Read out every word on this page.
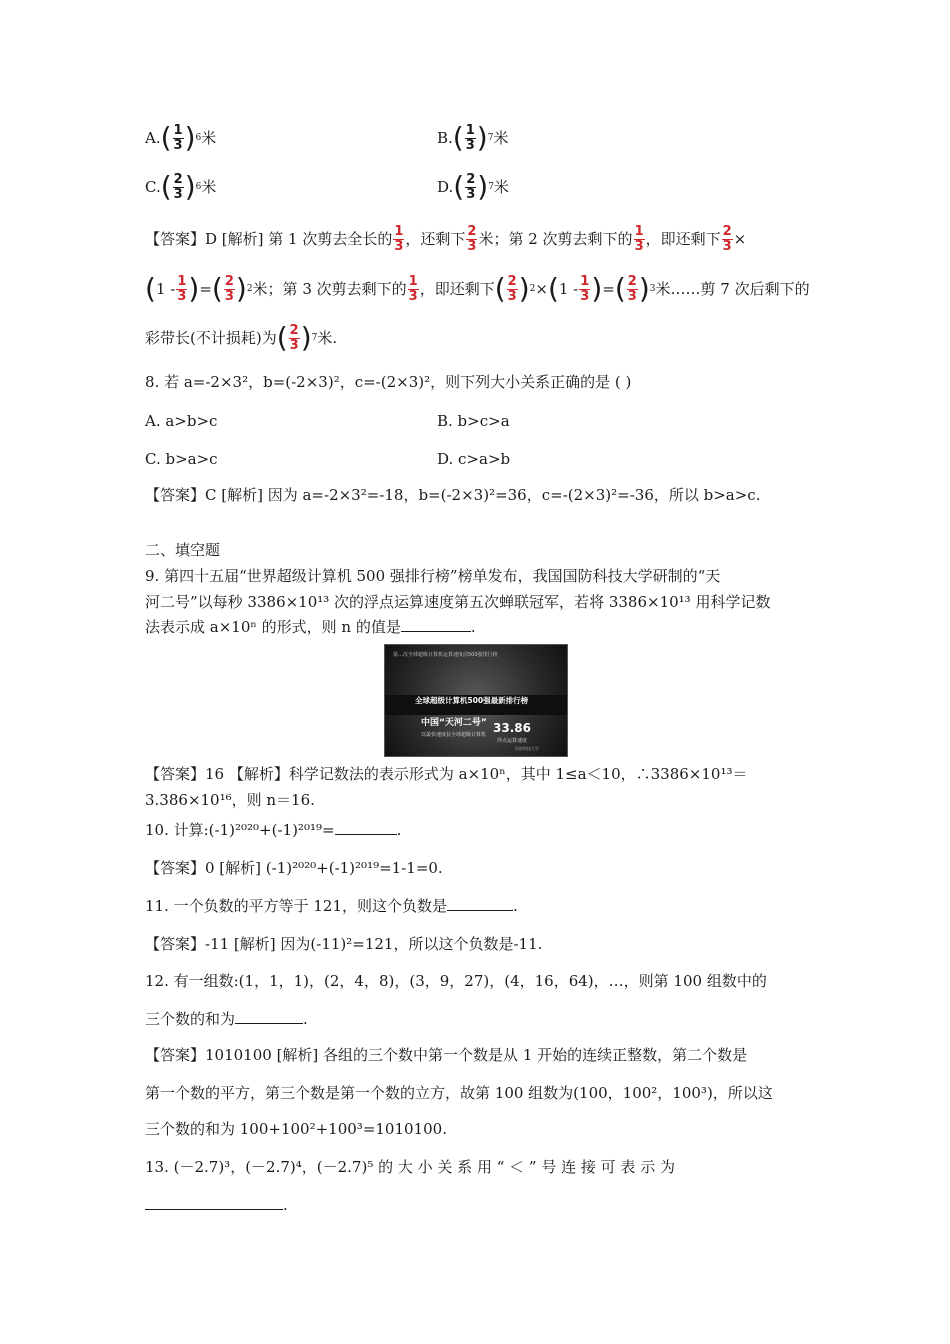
A. ( $\frac{1}{3}$ ) 6 米	B. ( $\frac{1}{3}$ ) 7 米
C. ( $\frac{2}{3}$ ) 6 米	D. ( $\frac{2}{3}$ ) 7 米
【答案】D [解析] 第 1 次剪去全长的 $\frac{1}{3}$ ，还剩下 $\frac{2}{3}$ 米；第 2 次剪去剩下的 $\frac{1}{3}$ ，即还剩下 $\frac{2}{3}$ ×
( $1 - \frac{1}{3}$ ) = ( $\frac{2}{3}$ ) 2 米；第 3 次剪去剩下的 $\frac{1}{3}$ ，即还剩下 ( $\frac{2}{3}$ ) 2 × ( $1 - \frac{1}{3}$ ) = ( $\frac{2}{3}$ ) 3 米……剪 7 次后剩下的
彩带长(不计损耗)为 ( $\frac{2}{3}$ ) 7 米.
8. 若 a=-2×3²，b=(-2×3)²，c=-(2×3)²，则下列大小关系正确的是 ( )
A. a>b>c	B. b>c>a
C. b>a>c	D. c>a>b
【答案】C [解析] 因为 a=-2×3²=-18，b=(-2×3)²=36，c=-(2×3)²=-36，所以 b>a>c.
二、填空题
9. 第四十五届“世界超级计算机 500 强排行榜”榜单发布，我国国防科技大学研制的“天
河二号”以每秒 3386×10¹³ 次的浮点运算速度第五次蝉联冠军，若将 3386×10¹³ 用科学记数
法表示成 a×10ⁿ 的形式，则 n 的值是	.
第…次全球超级计算机运算速度前500强排行榜
全球超级计算机500强最新排行榜
中国“天河二号”
以最快速度获全球超级计算机 33.86
浮点运算速度
国防科技大学
【答案】16 【解析】科学记数法的表示形式为 a×10ⁿ，其中 1≤a＜10，∴3386×10¹³＝
3.386×10¹⁶，则 n＝16.
10. 计算:(-1)²⁰²⁰+(-1)²⁰¹⁹=	.
【答案】0 [解析] (-1)²⁰²⁰+(-1)²⁰¹⁹=1-1=0.
11. 一个负数的平方等于 121，则这个负数是	.
【答案】-11 [解析] 因为(-11)²=121，所以这个负数是-11.
12. 有一组数:(1，1，1)，(2，4，8)，(3，9，27)，(4，16，64)，…，则第 100 组数中的
三个数的和为	.
【答案】1010100 [解析] 各组的三个数中第一个数是从 1 开始的连续正整数，第二个数是
第一个数的平方，第三个数是第一个数的立方，故第 100 组数为(100，100²，100³)，所以这
三个数的和为 100+100²+100³=1010100.
13. (－2.7)³，(－2.7)⁴，(－2.7)⁵ 的 大 小 关 系 用 “ ＜ ” 号 连 接 可 表 示 为
.
